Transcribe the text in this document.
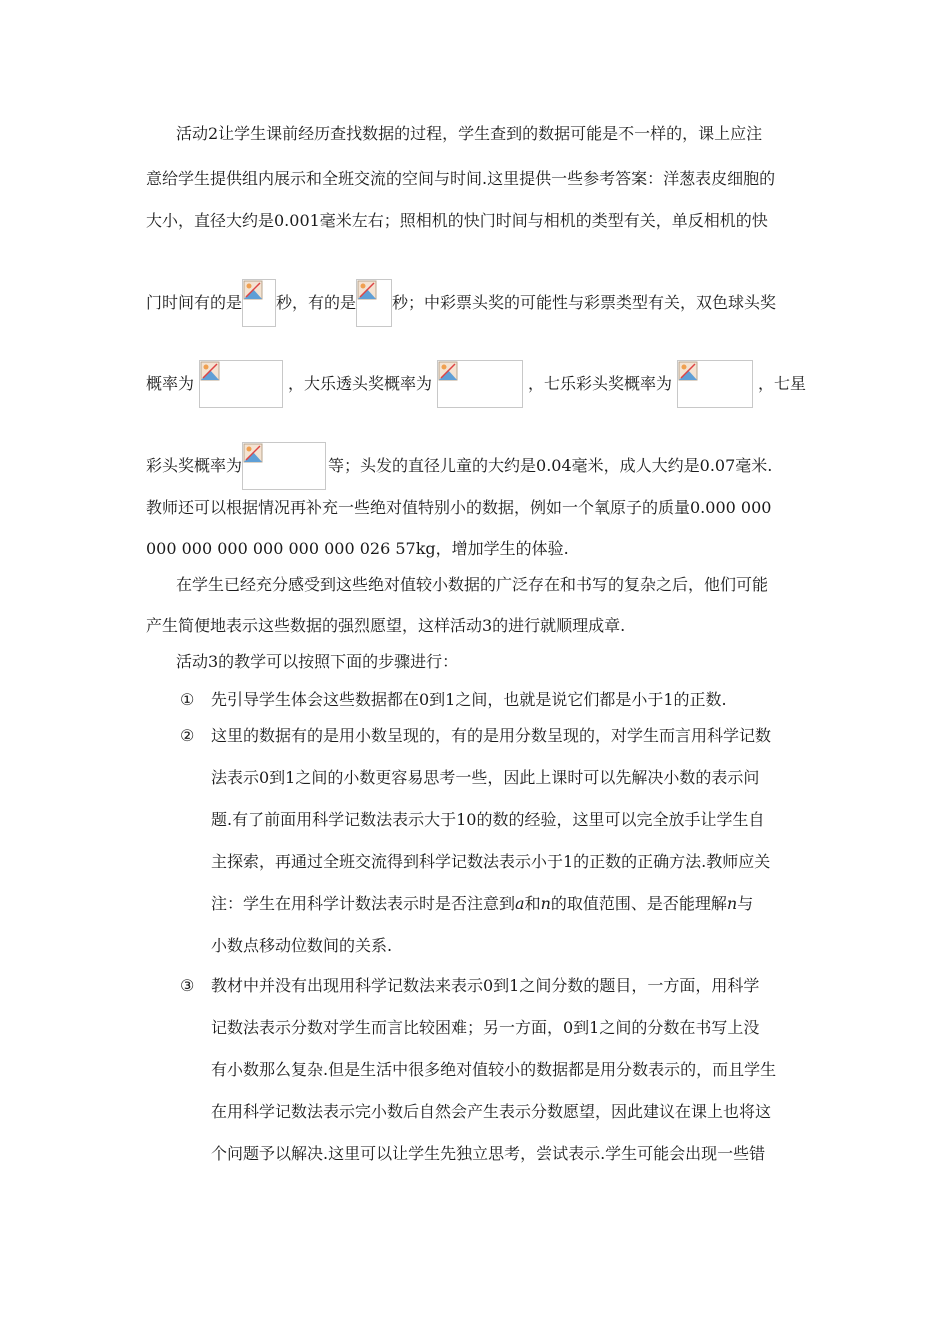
活动2让学生课前经历查找数据的过程，学生查到的数据可能是不一样的，课上应注
意给学生提供组内展示和全班交流的空间与时间.这里提供一些参考答案：洋葱表皮细胞的
大小，直径大约是0.001毫米左右；照相机的快门时间与相机的类型有关，单反相机的快
门时间有的是 秒，有的是 秒；中彩票头奖的可能性与彩票类型有关，双色球头奖
概率为	，大乐透头奖概率为	，七乐彩头奖概率为	，七星
彩头奖概率为	等；头发的直径儿童的大约是0.04毫米，成人大约是0.07毫米.
教师还可以根据情况再补充一些绝对值特别小的数据，例如一个氧原子的质量0.000 000
000 000 000 000 000 000 026 57kg，增加学生的体验.
在学生已经充分感受到这些绝对值较小数据的广泛存在和书写的复杂之后，他们可能
产生简便地表示这些数据的强烈愿望，这样活动3的进行就顺理成章.
活动3的教学可以按照下面的步骤进行：
① 先引导学生体会这些数据都在0到1之间，也就是说它们都是小于1的正数.
② 这里的数据有的是用小数呈现的，有的是用分数呈现的，对学生而言用科学记数
法表示0到1之间的小数更容易思考一些，因此上课时可以先解决小数的表示问
题.有了前面用科学记数法表示大于10的数的经验，这里可以完全放手让学生自
主探索，再通过全班交流得到科学记数法表示小于1的正数的正确方法.教师应关
注：学生在用科学计数法表示时是否注意到 a 和 n 的取值范围、是否能理解 n 与
小数点移动位数间的关系.
③ 教材中并没有出现用科学记数法来表示0到1之间分数的题目，一方面，用科学
记数法表示分数对学生而言比较困难；另一方面，0到1之间的分数在书写上没
有小数那么复杂.但是生活中很多绝对值较小的数据都是用分数表示的，而且学生
在用科学记数法表示完小数后自然会产生表示分数愿望，因此建议在课上也将这
个问题予以解决.这里可以让学生先独立思考，尝试表示.学生可能会出现一些错
